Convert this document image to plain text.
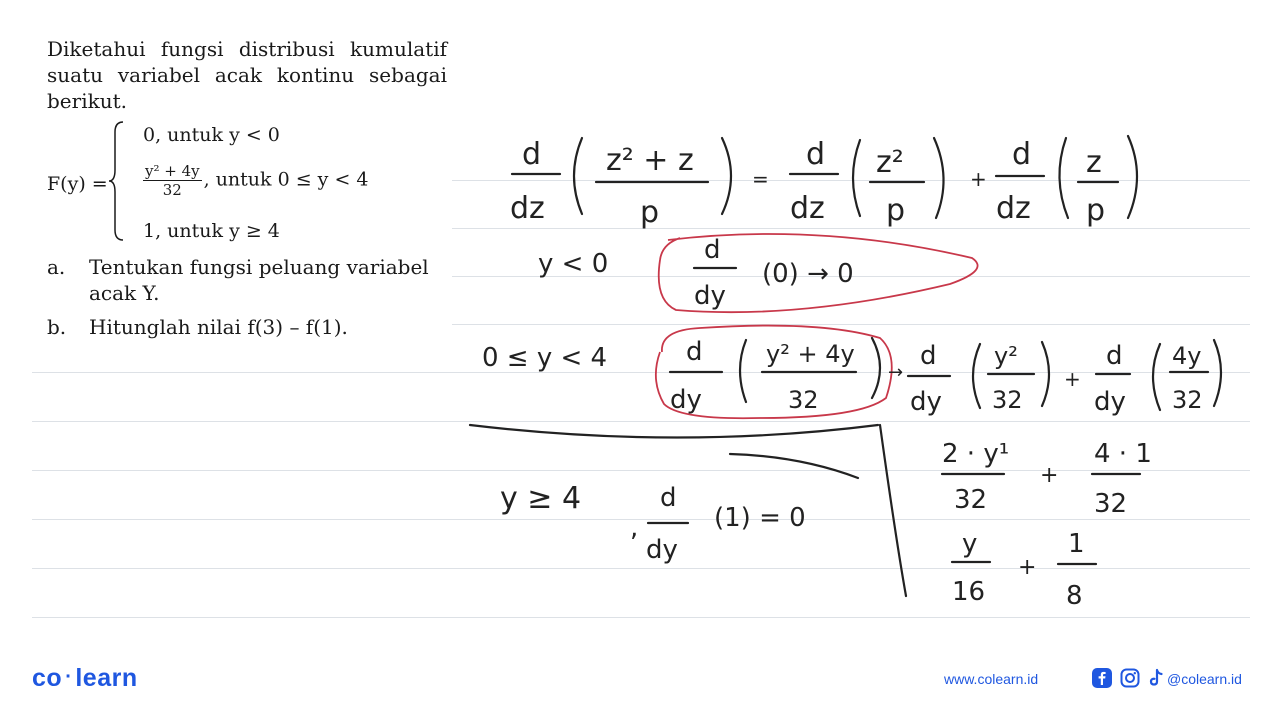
Diketahui fungsi distribusi kumulatif suatu variabel acak kontinu sebagai berikut.

F(y) =
0, untuk y < 0
$\frac{\text{y² + 4y}}{32}$ , untuk 0 ≤ y < 4
1, untuk y ≥ 4
a. Tentukan fungsi peluang variabel acak Y.
b. Hitunglah nilai f(3) – f(1).
d
dz
z² + z
p
=
d
dz
z²
p
+
d
dz
z
p
y < 0	d
dy
(0) → 0
0 ≤ y < 4	d
dy
y² + 4y
32
→
d
dy
y²
32
+
d
dy
4y
32
y ≥ 4
,
d
dy
(1) = 0
2 · y¹
32
+
4 · 1
32
y
16
+
1
8
co · learn	www.colearn.id	@colearn.id
